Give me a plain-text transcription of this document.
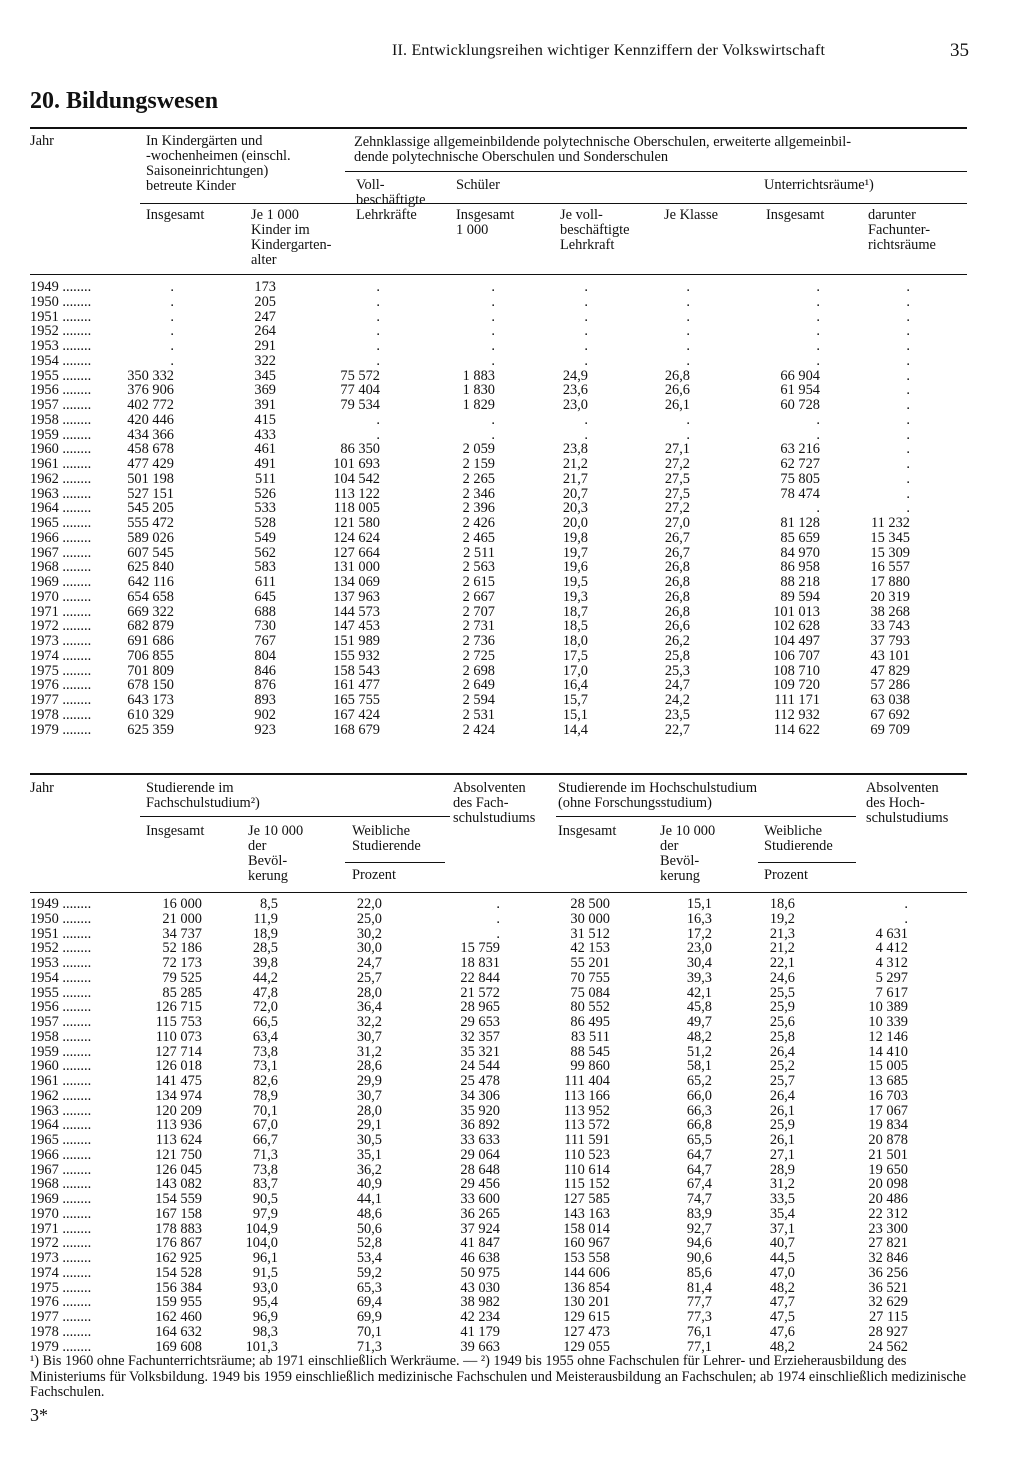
II. Entwicklungsreihen wichtiger Kennziffern der Volkswirtschaft	35
20. Bildungswesen
Jahr	In Kindergärten und
-wochenheimen (einschl.
Saisoneinrichtungen)
betreute Kinder
Insgesamt	Je 1 000
Kinder im
Kindergarten-
alter
Zehnklassige allgemeinbildende polytechnische Oberschulen, erweiterte allgemeinbil-
dende polytechnische Oberschulen und Sonderschulen
Voll-
beschäftigte
Lehrkräfte
Schüler
Insgesamt
1 000
Je voll-
beschäftigte
Lehrkraft
Je Klasse
Unterrichtsräume¹)
Insgesamt	darunter
Fachunter-
richtsräume
1949 ........	.	173	.	.	.	.	.	.
1950 ........	.	205	.	.	.	.	.	.
1951 ........	.	247	.	.	.	.	.	.
1952 ........	.	264	.	.	.	.	.	.
1953 ........	.	291	.	.	.	.	.	.
1954 ........	.	322	.	.	.	.	.	.
1955 ........	350 332	345	75 572	1 883	24,9	26,8	66 904	.
1956 ........	376 906	369	77 404	1 830	23,6	26,6	61 954	.
1957 ........	402 772	391	79 534	1 829	23,0	26,1	60 728	.
1958 ........	420 446	415	.	.	.	.	.	.
1959 ........	434 366	433	.	.	.	.	.	.
1960 ........	458 678	461	86 350	2 059	23,8	27,1	63 216	.
1961 ........	477 429	491	101 693	2 159	21,2	27,2	62 727	.
1962 ........	501 198	511	104 542	2 265	21,7	27,5	75 805	.
1963 ........	527 151	526	113 122	2 346	20,7	27,5	78 474	.
1964 ........	545 205	533	118 005	2 396	20,3	27,2	.	.
1965 ........	555 472	528	121 580	2 426	20,0	27,0	81 128	11 232
1966 ........	589 026	549	124 624	2 465	19,8	26,7	85 659	15 345
1967 ........	607 545	562	127 664	2 511	19,7	26,7	84 970	15 309
1968 ........	625 840	583	131 000	2 563	19,6	26,8	86 958	16 557
1969 ........	642 116	611	134 069	2 615	19,5	26,8	88 218	17 880
1970 ........	654 658	645	137 963	2 667	19,3	26,8	89 594	20 319
1971 ........	669 322	688	144 573	2 707	18,7	26,8	101 013	38 268
1972 ........	682 879	730	147 453	2 731	18,5	26,6	102 628	33 743
1973 ........	691 686	767	151 989	2 736	18,0	26,2	104 497	37 793
1974 ........	706 855	804	155 932	2 725	17,5	25,8	106 707	43 101
1975 ........	701 809	846	158 543	2 698	17,0	25,3	108 710	47 829
1976 ........	678 150	876	161 477	2 649	16,4	24,7	109 720	57 286
1977 ........	643 173	893	165 755	2 594	15,7	24,2	111 171	63 038
1978 ........	610 329	902	167 424	2 531	15,1	23,5	112 932	67 692
1979 ........	625 359	923	168 679	2 424	14,4	22,7	114 622	69 709
Jahr	Studierende im
Fachschulstudium²)
Insgesamt	Je 10 000
der
Bevöl-
kerung
Weibliche
Studierende
Prozent
Absolventen
des Fach-
schulstudiums
Studierende im Hochschulstudium
(ohne Forschungsstudium)
Insgesamt	Je 10 000
der
Bevöl-
kerung
Weibliche
Studierende
Prozent
Absolventen
des Hoch-
schulstudiums
1949 ........	16 000	8,5	22,0	.	28 500	15,1	18,6	.
1950 ........	21 000	11,9	25,0	.	30 000	16,3	19,2	.
1951 ........	34 737	18,9	30,2	.	31 512	17,2	21,3	4 631
1952 ........	52 186	28,5	30,0	15 759	42 153	23,0	21,2	4 412
1953 ........	72 173	39,8	24,7	18 831	55 201	30,4	22,1	4 312
1954 ........	79 525	44,2	25,7	22 844	70 755	39,3	24,6	5 297
1955 ........	85 285	47,8	28,0	21 572	75 084	42,1	25,5	7 617
1956 ........	126 715	72,0	36,4	28 965	80 552	45,8	25,9	10 389
1957 ........	115 753	66,5	32,2	29 653	86 495	49,7	25,6	10 339
1958 ........	110 073	63,4	30,7	32 357	83 511	48,2	25,8	12 146
1959 ........	127 714	73,8	31,2	35 321	88 545	51,2	26,4	14 410
1960 ........	126 018	73,1	28,6	24 544	99 860	58,1	25,2	15 005
1961 ........	141 475	82,6	29,9	25 478	111 404	65,2	25,7	13 685
1962 ........	134 974	78,9	30,7	34 306	113 166	66,0	26,4	16 703
1963 ........	120 209	70,1	28,0	35 920	113 952	66,3	26,1	17 067
1964 ........	113 936	67,0	29,1	36 892	113 572	66,8	25,9	19 834
1965 ........	113 624	66,7	30,5	33 633	111 591	65,5	26,1	20 878
1966 ........	121 750	71,3	35,1	29 064	110 523	64,7	27,1	21 501
1967 ........	126 045	73,8	36,2	28 648	110 614	64,7	28,9	19 650
1968 ........	143 082	83,7	40,9	29 456	115 152	67,4	31,2	20 098
1969 ........	154 559	90,5	44,1	33 600	127 585	74,7	33,5	20 486
1970 ........	167 158	97,9	48,6	36 265	143 163	83,9	35,4	22 312
1971 ........	178 883	104,9	50,6	37 924	158 014	92,7	37,1	23 300
1972 ........	176 867	104,0	52,8	41 847	160 967	94,6	40,7	27 821
1973 ........	162 925	96,1	53,4	46 638	153 558	90,6	44,5	32 846
1974 ........	154 528	91,5	59,2	50 975	144 606	85,6	47,0	36 256
1975 ........	156 384	93,0	65,3	43 030	136 854	81,4	48,2	36 521
1976 ........	159 955	95,4	69,4	38 982	130 201	77,7	47,7	32 629
1977 ........	162 460	96,9	69,9	42 234	129 615	77,3	47,5	27 115
1978 ........	164 632	98,3	70,1	41 179	127 473	76,1	47,6	28 927
1979 ........	169 608	101,3	71,3	39 663	129 055	77,1	48,2	24 562
¹) Bis 1960 ohne Fachunterrichtsräume; ab 1971 einschließlich Werkräume. — ²) 1949 bis 1955 ohne Fachschulen für Lehrer- und Erzieherausbildung des Ministeriums für Volksbildung. 1949 bis 1959 einschließlich medizinische Fachschulen und Meisterausbildung an Fachschulen; ab 1974 einschließlich medizinische Fachschulen.
3*
